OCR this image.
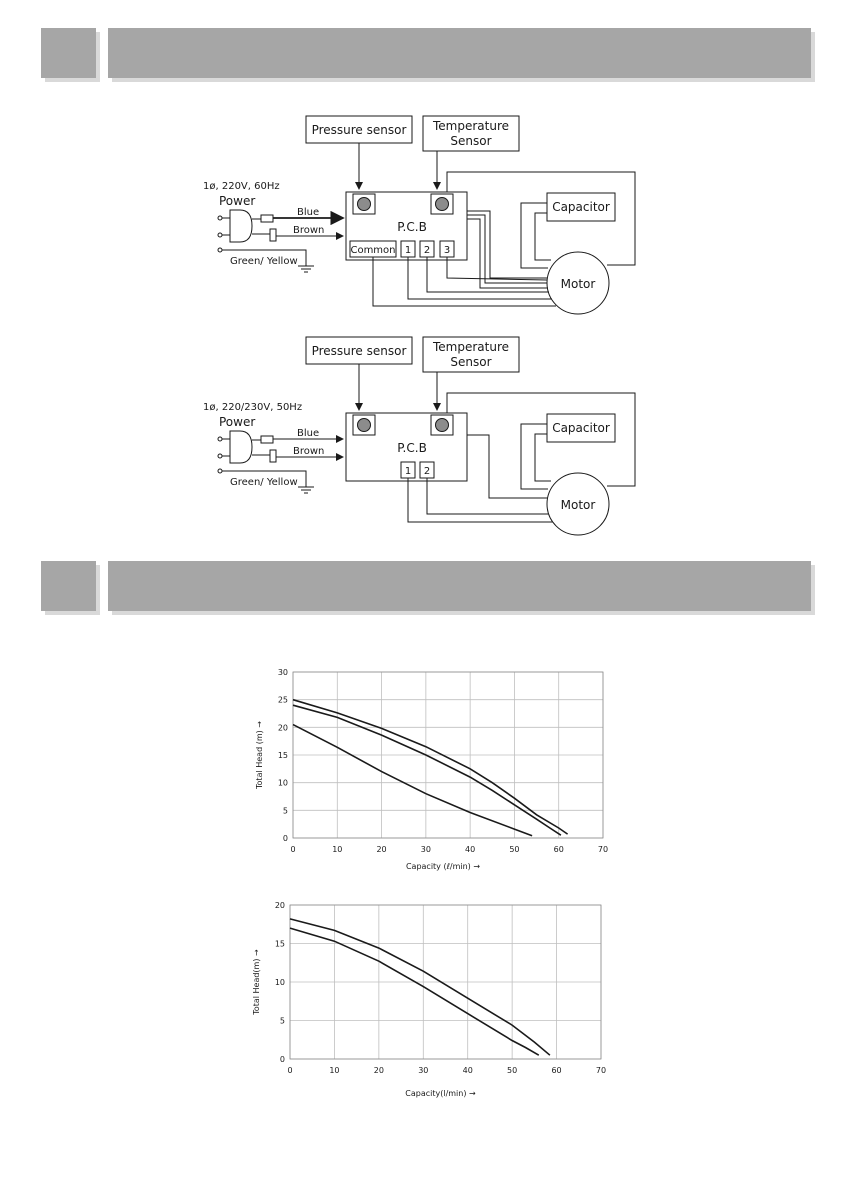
Pressure sensor Temperature
Sensor
P.C.B
Common 1 2 3
Capacitor
Motor
1ø, 220V, 60Hz
Power
Blue
Brown
Green/ Yellow
Pressure sensor Temperature
Sensor
P.C.B
1 2
Capacitor
Motor
1ø, 220/230V, 50Hz
Power
Blue
Brown
Green/ Yellow
0	10	20	30	40	50	60	70
0
5
10
15
20
25
30
Capacity (ℓ/min) →
Total Head (m) →
0	10	20	30	40	50	60	70
0
5
10
15
20
Capacity(l/min) →
Total Head(m) →
